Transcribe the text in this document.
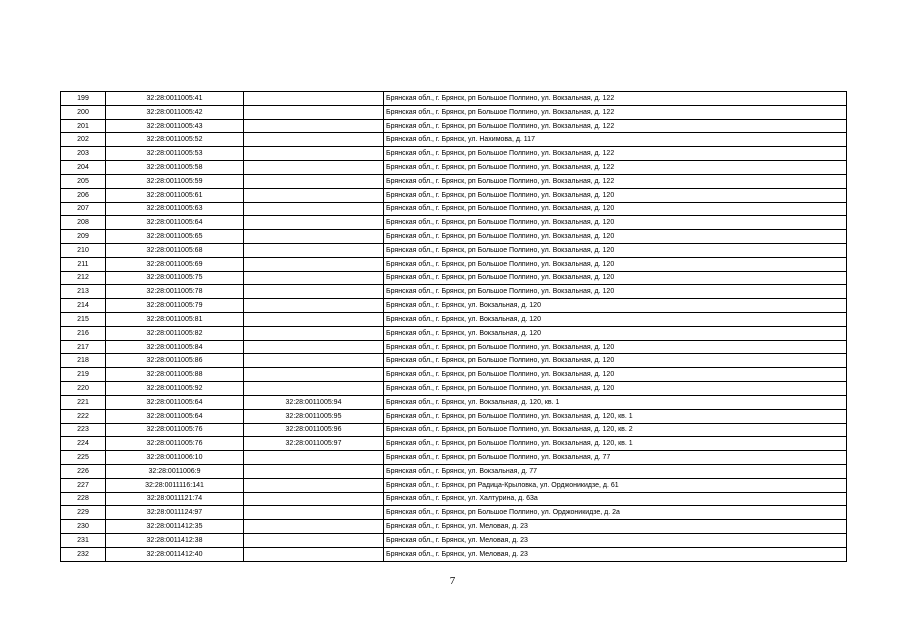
199	32:28:0011005:41		Брянская обл., г. Брянск, рп Большое Полпино, ул. Вокзальная, д. 122
200	32:28:0011005:42		Брянская обл., г. Брянск, рп Большое Полпино, ул. Вокзальная, д. 122
201	32:28:0011005:43		Брянская обл., г. Брянск, рп Большое Полпино, ул. Вокзальная, д. 122
202	32:28:0011005:52		Брянская обл., г. Брянск, ул. Нахимова, д. 117
203	32:28:0011005:53		Брянская обл., г. Брянск, рп Большое Полпино, ул. Вокзальная, д. 122
204	32:28:0011005:58		Брянская обл., г. Брянск, рп Большое Полпино, ул. Вокзальная, д. 122
205	32:28:0011005:59		Брянская обл., г. Брянск, рп Большое Полпино, ул. Вокзальная, д. 122
206	32:28:0011005:61		Брянская обл., г. Брянск, рп Большое Полпино, ул. Вокзальная, д. 120
207	32:28:0011005:63		Брянская обл., г. Брянск, рп Большое Полпино, ул. Вокзальная, д. 120
208	32:28:0011005:64		Брянская обл., г. Брянск, рп Большое Полпино, ул. Вокзальная, д. 120
209	32:28:0011005:65		Брянская обл., г. Брянск, рп Большое Полпино, ул. Вокзальная, д. 120
210	32:28:0011005:68		Брянская обл., г. Брянск, рп Большое Полпино, ул. Вокзальная, д. 120
211	32:28:0011005:69		Брянская обл., г. Брянск, рп Большое Полпино, ул. Вокзальная, д. 120
212	32:28:0011005:75		Брянская обл., г. Брянск, рп Большое Полпино, ул. Вокзальная, д. 120
213	32:28:0011005:78		Брянская обл., г. Брянск, рп Большое Полпино, ул. Вокзальная, д. 120
214	32:28:0011005:79		Брянская обл., г. Брянск, ул. Вокзальная, д. 120
215	32:28:0011005:81		Брянская обл., г. Брянск, ул. Вокзальная, д. 120
216	32:28:0011005:82		Брянская обл., г. Брянск, ул. Вокзальная, д. 120
217	32:28:0011005:84		Брянская обл., г. Брянск, рп Большое Полпино, ул. Вокзальная, д. 120
218	32:28:0011005:86		Брянская обл., г. Брянск, рп Большое Полпино, ул. Вокзальная, д. 120
219	32:28:0011005:88		Брянская обл., г. Брянск, рп Большое Полпино, ул. Вокзальная, д. 120
220	32:28:0011005:92		Брянская обл., г. Брянск, рп Большое Полпино, ул. Вокзальная, д. 120
221	32:28:0011005:64	32:28:0011005:94	Брянская обл., г. Брянск, ул. Вокзальная, д. 120, кв. 1
222	32:28:0011005:64	32:28:0011005:95	Брянская обл., г. Брянск, рп Большое Полпино, ул. Вокзальная, д. 120, кв. 1
223	32:28:0011005:76	32:28:0011005:96	Брянская обл., г. Брянск, рп Большое Полпино, ул. Вокзальная, д. 120, кв. 2
224	32:28:0011005:76	32:28:0011005:97	Брянская обл., г. Брянск, рп Большое Полпино, ул. Вокзальная, д. 120, кв. 1
225	32:28:0011006:10		Брянская обл., г. Брянск, рп Большое Полпино, ул. Вокзальная, д. 77
226	32:28:0011006:9		Брянская обл., г. Брянск, ул. Вокзальная, д. 77
227	32:28:0011116:141		Брянская обл., г. Брянск, рп Радица-Крыловка, ул. Орджоникидзе, д. 61
228	32:28:0011121:74		Брянская обл., г. Брянск, ул. Халтурина, д. 63а
229	32:28:0011124:97		Брянская обл., г. Брянск, рп Большое Полпино, ул. Орджоникидзе, д. 2а
230	32:28:0011412:35		Брянская обл., г. Брянск, ул. Меловая, д. 23
231	32:28:0011412:38		Брянская обл., г. Брянск, ул. Меловая, д. 23
232	32:28:0011412:40		Брянская обл., г. Брянск, ул. Меловая, д. 23
7
